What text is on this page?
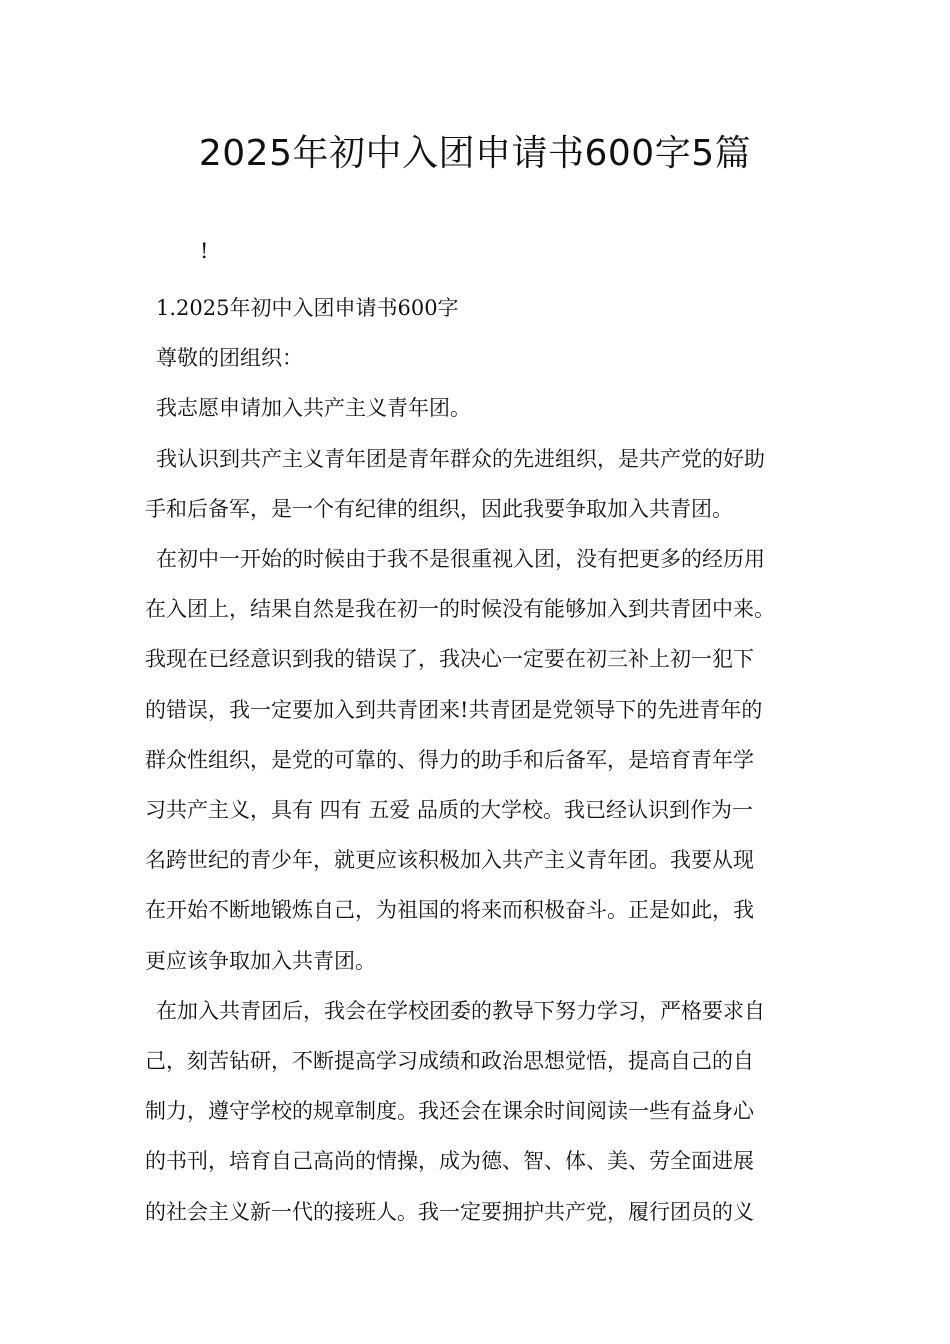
2025年初中入团申请书600字5篇
!

1.2025年初中入团申请书600字

尊敬的团组织：

我志愿申请加入共产主义青年团。

我认识到共产主义青年团是青年群众的先进组织，是共产党的好助

手和后备军，是一个有纪律的组织，因此我要争取加入共青团。

在初中一开始的时候由于我不是很重视入团，没有把更多的经历用

在入团上，结果自然是我在初一的时候没有能够加入到共青团中来。

我现在已经意识到我的错误了，我决心一定要在初三补上初一犯下

的错误，我一定要加入到共青团来!共青团是党领导下的先进青年的

群众性组织，是党的可靠的、得力的助手和后备军，是培育青年学

习共产主义，具有 四有 五爱 品质的大学校。我已经认识到作为一

名跨世纪的青少年，就更应该积极加入共产主义青年团。我要从现

在开始不断地锻炼自己，为祖国的将来而积极奋斗。正是如此，我

更应该争取加入共青团。

在加入共青团后，我会在学校团委的教导下努力学习，严格要求自

己，刻苦钻研，不断提高学习成绩和政治思想觉悟，提高自己的自

制力，遵守学校的规章制度。我还会在课余时间阅读一些有益身心

的书刊，培育自己高尚的情操，成为德、智、体、美、劳全面进展

的社会主义新一代的接班人。我一定要拥护共产党，履行团员的义
